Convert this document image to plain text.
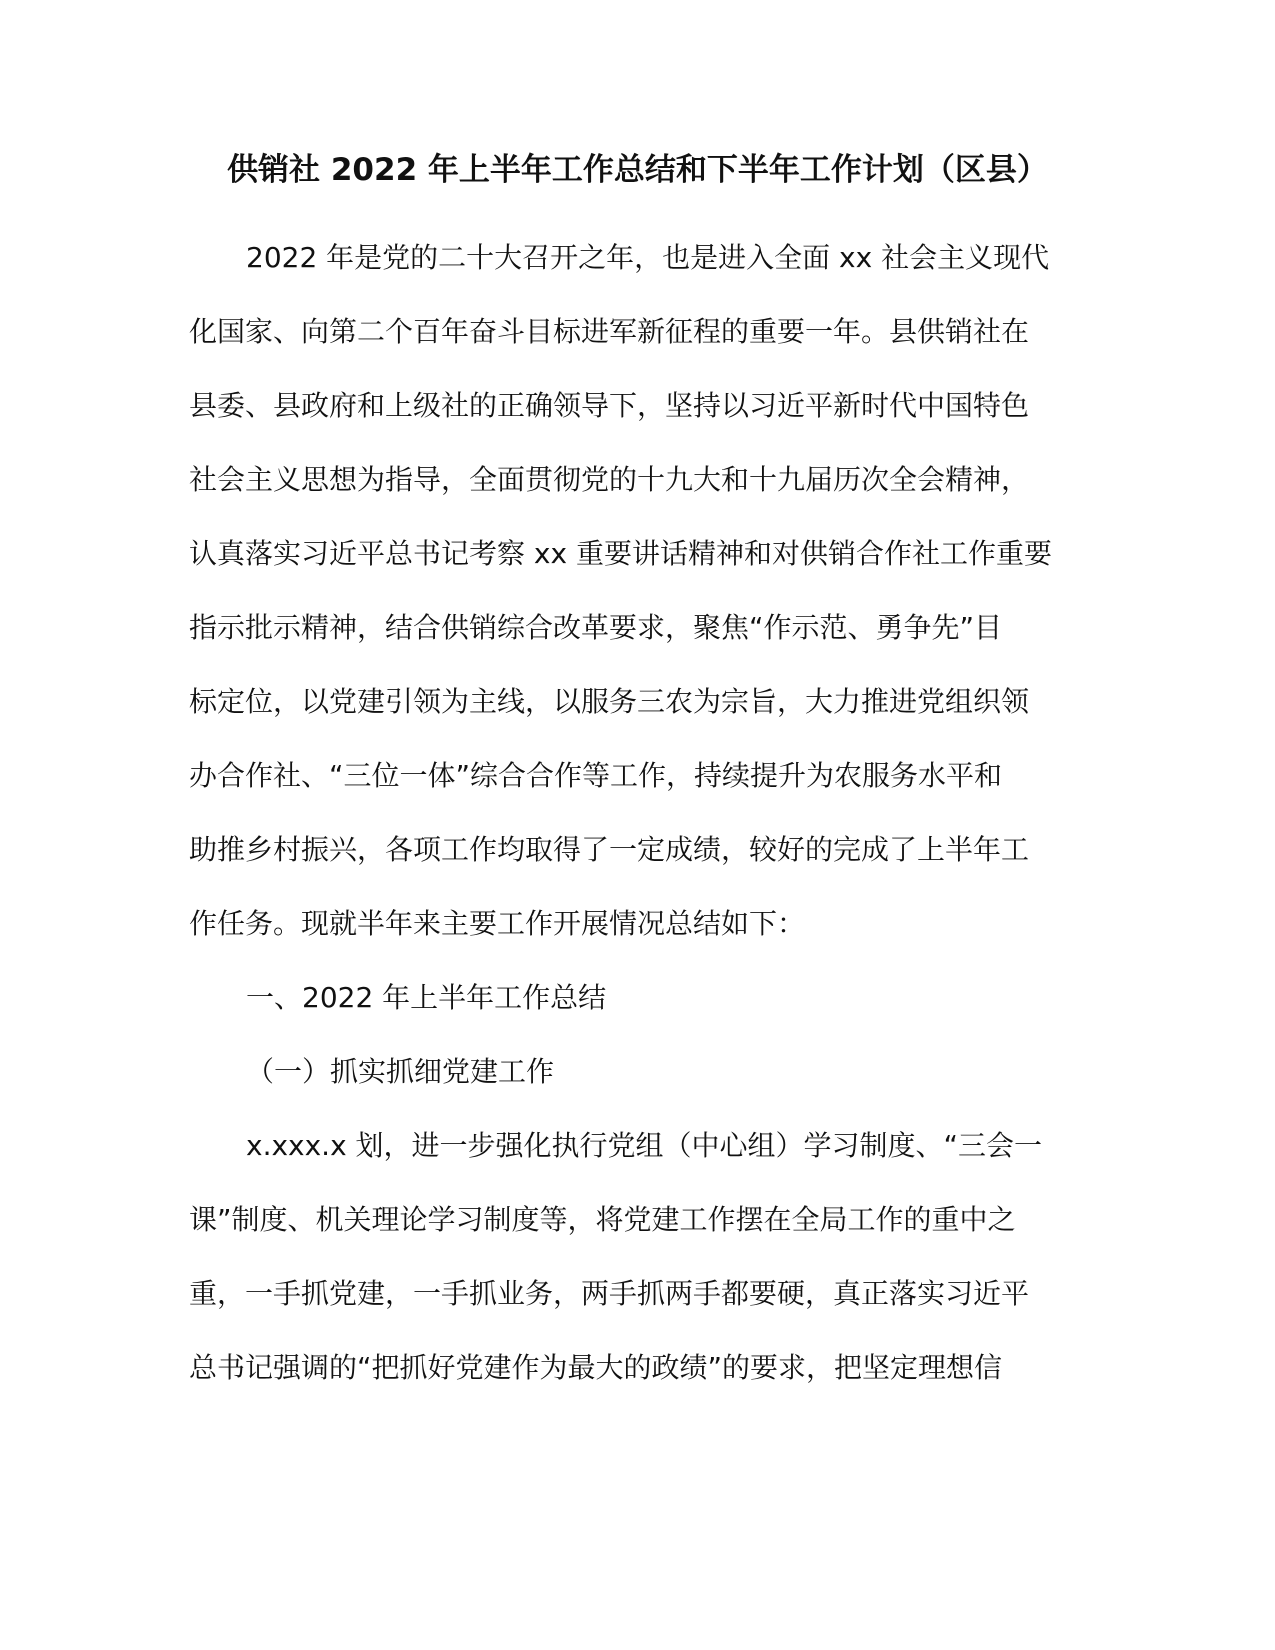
供销社 2022 年上半年工作总结和下半年工作计划（区县）
2022 年是党的二十大召开之年，也是进入全面 xx 社会主义现代
化国家、向第二个百年奋斗目标进军新征程的重要一年。县供销社在
县委、县政府和上级社的正确领导下，坚持以习近平新时代中国特色
社会主义思想为指导，全面贯彻党的十九大和十九届历次全会精神，
认真落实习近平总书记考察 xx 重要讲话精神和对供销合作社工作重要
指示批示精神，结合供销综合改革要求，聚焦“作示范、勇争先”目
标定位，以党建引领为主线，以服务三农为宗旨，大力推进党组织领
办合作社、“三位一体”综合合作等工作，持续提升为农服务水平和
助推乡村振兴，各项工作均取得了一定成绩，较好的完成了上半年工
作任务。现就半年来主要工作开展情况总结如下：
一、2022 年上半年工作总结
（一）抓实抓细党建工作
x.xxx.x 划，进一步强化执行党组（中心组）学习制度、“三会一
课”制度、机关理论学习制度等，将党建工作摆在全局工作的重中之
重，一手抓党建，一手抓业务，两手抓两手都要硬，真正落实习近平
总书记强调的“把抓好党建作为最大的政绩”的要求，把坚定理想信
